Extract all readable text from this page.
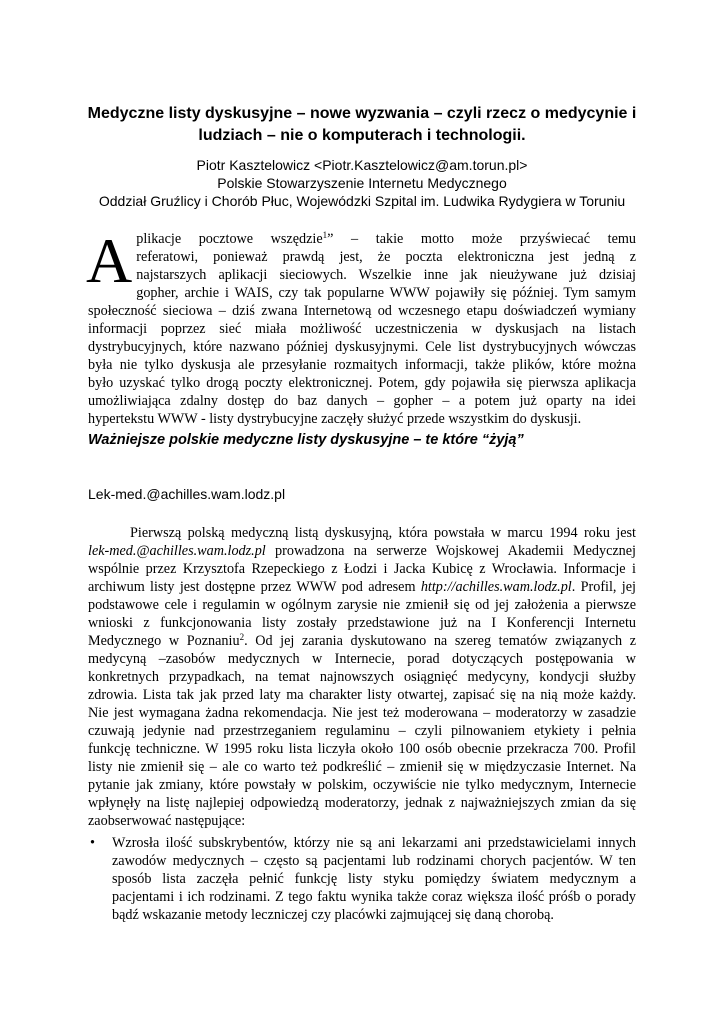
Medyczne listy dyskusyjne – nowe wyzwania – czyli rzecz o medycynie i ludziach – nie o komputerach i technologii.
Piotr Kasztelowicz <Piotr.Kasztelowicz@am.torun.pl>
Polskie Stowarzyszenie Internetu Medycznego
Oddział Gruźlicy i Chorób Płuc, Wojewódzki Szpital im. Ludwika Rydygiera w Toruniu
A plikacje pocztowe wszędzie$^1$” – takie motto może przyświecać temu
referatowi, ponieważ prawdą jest, że poczta elektroniczna jest jedną z
najstarszych aplikacji sieciowych. Wszelkie inne jak nieużywane już dzisiaj
gopher, archie i WAIS, czy tak popularne WWW pojawiły się później. Tym samym
społeczność sieciowa – dziś zwana Internetową od wczesnego etapu doświadczeń wymiany
informacji poprzez sieć miała możliwość uczestniczenia w dyskusjach na listach
dystrybucyjnych, które nazwano później dyskusyjnymi. Cele list dystrybucyjnych wówczas
była nie tylko dyskusja ale przesyłanie rozmaitych informacji, także plików, które można
było uzyskać tylko drogą poczty elektronicznej. Potem, gdy pojawiła się pierwsza aplikacja
umożliwiająca zdalny dostęp do baz danych – gopher – a potem już oparty na idei
hypertekstu WWW - listy dystrybucyjne zaczęły służyć przede wszystkim do dyskusji.
Ważniejsze polskie medyczne listy dyskusyjne – te które “żyją”
Lek-med.@achilles.wam.lodz.pl
Pierwszą polską medyczną listą dyskusyjną, która powstała w marcu 1994 roku jest
lek-med.@achilles.wam.lodz.pl prowadzona na serwerze Wojskowej Akademii Medycznej
wspólnie przez Krzysztofa Rzepeckiego z Łodzi i Jacka Kubicę z Wrocławia. Informacje i
archiwum listy jest dostępne przez WWW pod adresem http://achilles.wam.lodz.pl. Profil, jej
podstawowe cele i regulamin w ogólnym zarysie nie zmienił się od jej założenia a pierwsze
wnioski z funkcjonowania listy zostały przedstawione już na I Konferencji Internetu
Medycznego w Poznaniu$^2$. Od jej zarania dyskutowano na szereg tematów związanych z
medycyną –zasobów medycznych w Internecie, porad dotyczących postępowania w
konkretnych przypadkach, na temat najnowszych osiągnięć medycyny, kondycji służby
zdrowia. Lista tak jak przed laty ma charakter listy otwartej, zapisać się na nią może każdy.
Nie jest wymagana żadna rekomendacja. Nie jest też moderowana – moderatorzy w zasadzie
czuwają jedynie nad przestrzeganiem regulaminu – czyli pilnowaniem etykiety i pełnia
funkcję techniczne. W 1995 roku lista liczyła około 100 osób obecnie przekracza 700. Profil
listy nie zmienił się – ale co warto też podkreślić – zmienił się w międzyczasie Internet. Na
pytanie jak zmiany, które powstały w polskim, oczywiście nie tylko medycznym, Internecie
wpłynęły na listę najlepiej odpowiedzą moderatorzy, jednak z najważniejszych zmian da się
zaobserwować następujące:
• Wzrosła ilość subskrybentów, którzy nie są ani lekarzami ani przedstawicielami innych
zawodów medycznych – często są pacjentami lub rodzinami chorych pacjentów. W ten
sposób lista zaczęła pełnić funkcję listy styku pomiędzy światem medycznym a
pacjentami i ich rodzinami. Z tego faktu wynika także coraz większa ilość próśb o porady
bądź wskazanie metody leczniczej czy placówki zajmującej się daną chorobą.
